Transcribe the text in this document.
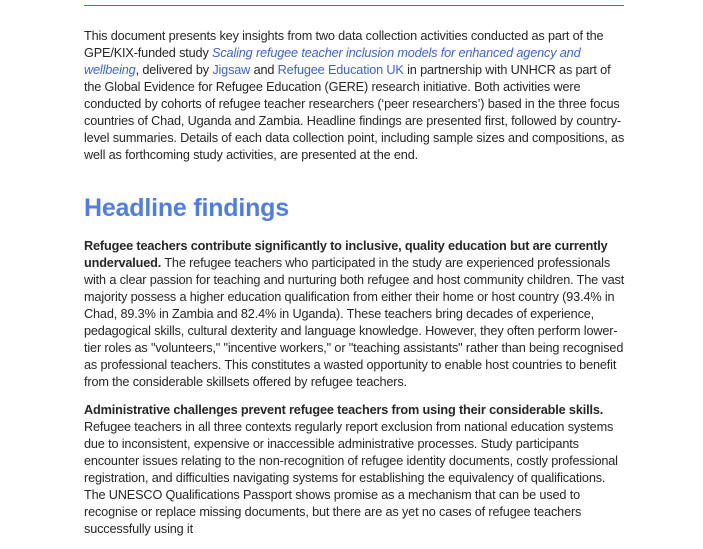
This document presents key insights from two data collection activities conducted as part of the GPE/KIX-funded study Scaling refugee teacher inclusion models for enhanced agency and wellbeing, delivered by Jigsaw and Refugee Education UK in partnership with UNHCR as part of the Global Evidence for Refugee Education (GERE) research initiative. Both activities were conducted by cohorts of refugee teacher researchers (‘peer researchers’) based in the three focus countries of Chad, Uganda and Zambia. Headline findings are presented first, followed by country-level summaries. Details of each data collection point, including sample sizes and compositions, as well as forthcoming study activities, are presented at the end.

Headline findings

Refugee teachers contribute significantly to inclusive, quality education but are currently undervalued. The refugee teachers who participated in the study are experienced professionals with a clear passion for teaching and nurturing both refugee and host community children. The vast majority possess a higher education qualification from either their home or host country (93.4% in Chad, 89.3% in Zambia and 82.4% in Uganda). These teachers bring decades of experience, pedagogical skills, cultural dexterity and language knowledge. However, they often perform lower-tier roles as "volunteers," "incentive workers," or "teaching assistants" rather than being recognised as professional teachers. This constitutes a wasted opportunity to enable host countries to benefit from the considerable skillsets offered by refugee teachers.

Administrative challenges prevent refugee teachers from using their considerable skills. Refugee teachers in all three contexts regularly report exclusion from national education systems due to inconsistent, expensive or inaccessible administrative processes. Study participants encounter issues relating to the non-recognition of refugee identity documents, costly professional registration, and difficulties navigating systems for establishing the equivalency of qualifications. The UNESCO Qualifications Passport shows promise as a mechanism that can be used to recognise or replace missing documents, but there are as yet no cases of refugee teachers successfully using it
